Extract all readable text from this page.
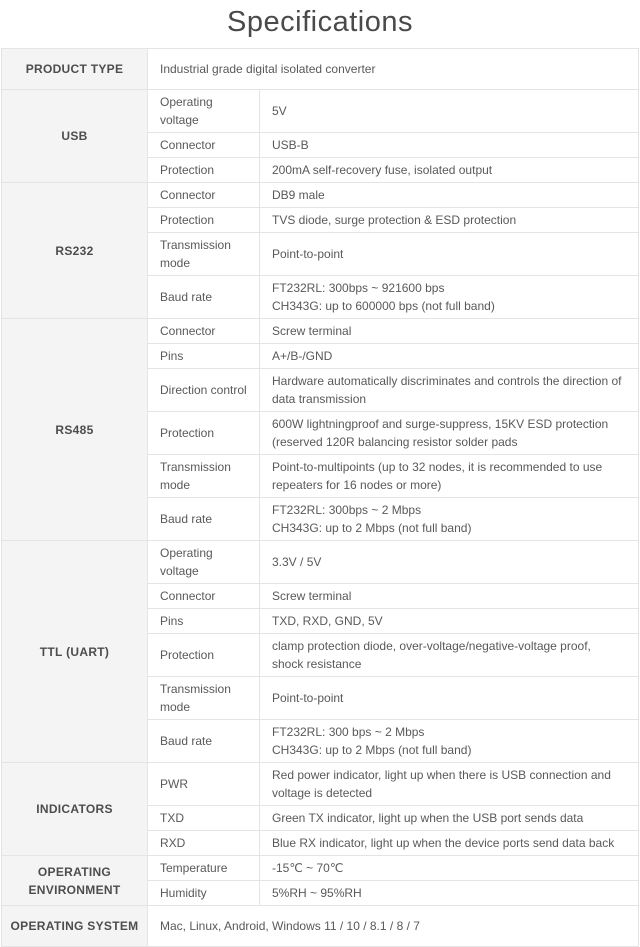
Specifications
PRODUCT TYPE	Industrial grade digital isolated converter	

USB	Operating voltage	5V

	Connector	USB-B

	Protection	200mA self-recovery fuse, isolated output

RS232	Connector	DB9 male

	Protection	TVS diode, surge protection & ESD protection

	Transmission mode	Point-to-point

	Baud rate	FT232RL: 300bps ~ 921600 bps
CH343G: up to 600000 bps (not full band)

RS485	Connector	Screw terminal

	Pins	A+/B-/GND

	Direction control	Hardware automatically discriminates and controls the direction of data transmission

	Protection	600W lightningproof and surge-suppress, 15KV ESD protection (reserved 120R balancing resistor solder pads

	Transmission mode	Point-to-multipoints (up to 32 nodes, it is recommended to use repeaters for 16 nodes or more)

	Baud rate	FT232RL: 300bps ~ 2 Mbps
CH343G: up to 2 Mbps (not full band)

TTL (UART)	Operating voltage	3.3V / 5V

	Connector	Screw terminal

	Pins	TXD, RXD, GND, 5V

	Protection	clamp protection diode, over-voltage/negative-voltage proof, shock resistance

	Transmission mode	Point-to-point

	Baud rate	FT232RL: 300 bps ~ 2 Mbps
CH343G: up to 2 Mbps (not full band)

INDICATORS	PWR	Red power indicator, light up when there is USB connection and voltage is detected

	TXD	Green TX indicator, light up when the USB port sends data

	RXD	Blue RX indicator, light up when the device ports send data back

OPERATING ENVIRONMENT	Temperature	-15℃ ~ 70℃

	Humidity	5%RH ~ 95%RH

OPERATING SYSTEM	Mac, Linux, Android, Windows 11 / 10 / 8.1 / 8 / 7	
